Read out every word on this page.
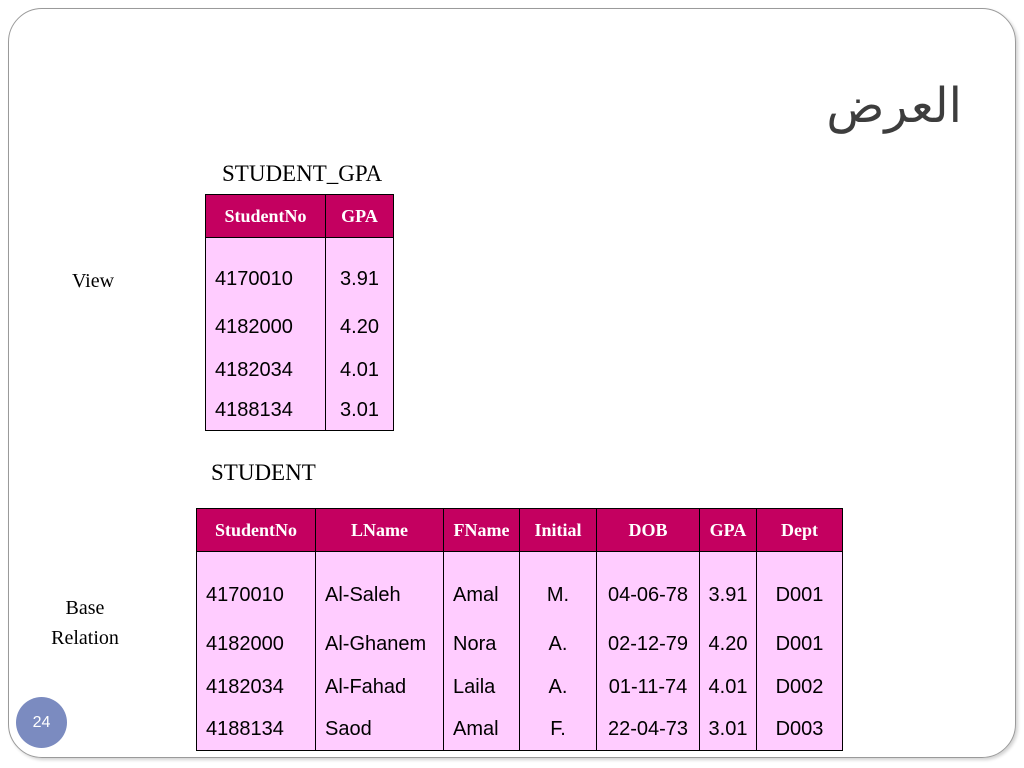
العرض
STUDENT_GPA
View
StudentNo	GPA
4170010	3.91
4182000	4.20
4182034	4.01
4188134	3.01
STUDENT
Base
Relation
StudentNo	LName	FName	Initial	DOB	GPA	Dept
4170010	Al-Saleh	Amal	M.	04-06-78	3.91	D001
4182000	Al-Ghanem	Nora	A.	02-12-79	4.20	D001
4182034	Al-Fahad	Laila	A.	01-11-74	4.01	D002
4188134	Saod	Amal	F.	22-04-73	3.01	D003
24
